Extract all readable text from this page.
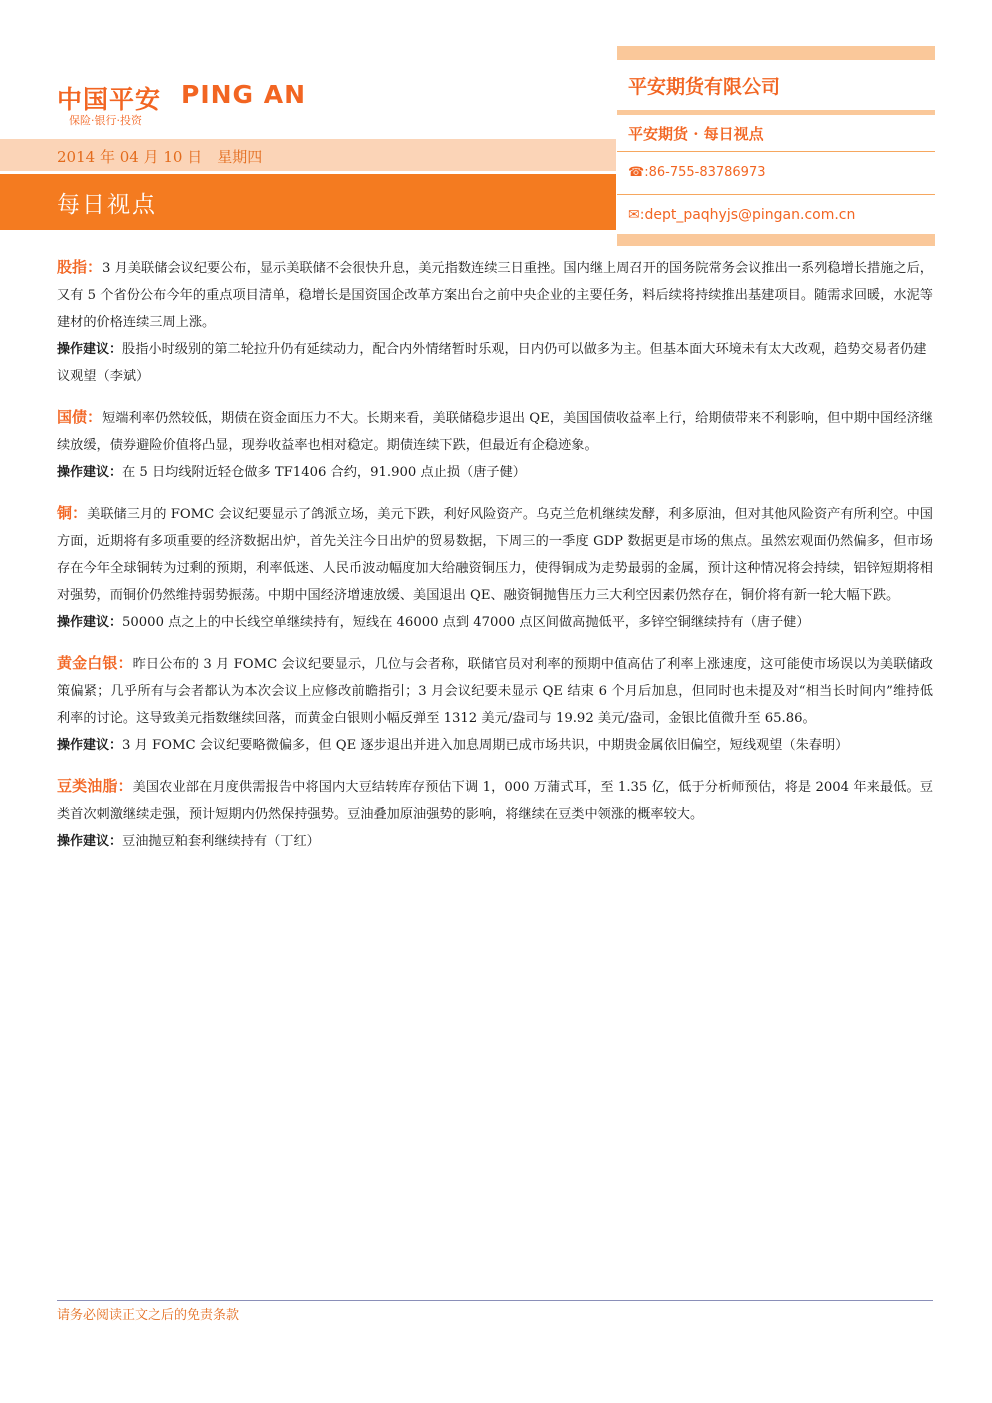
中国平安 PING AN
保险·银行·投资
2014 年 04 月 10 日　星期四
每日视点
平安期货有限公司
平安期货 · 每日视点
☎:86-755-83786973
✉:dept_paqhyjs@pingan.com.cn

股指：3 月美联储会议纪要公布，显示美联储不会很快升息，美元指数连续三日重挫。国内继上周召开的国务院常务会议推出一系列稳增长措施之后，又有 5 个省份公布今年的重点项目清单，稳增长是国资国企改革方案出台之前中央企业的主要任务，料后续将持续推出基建项目。随需求回暖，水泥等建材的价格连续三周上涨。

操作建议：股指小时级别的第二轮拉升仍有延续动力，配合内外情绪暂时乐观，日内仍可以做多为主。但基本面大环境未有太大改观，趋势交易者仍建议观望（李斌）

国债：短端利率仍然较低，期债在资金面压力不大。长期来看，美联储稳步退出 QE，美国国债收益率上行，给期债带来不利影响，但中期中国经济继续放缓，债券避险价值将凸显，现券收益率也相对稳定。期债连续下跌，但最近有企稳迹象。

操作建议：在 5 日均线附近轻仓做多 TF1406 合约，91.900 点止损（唐子健）

铜：美联储三月的 FOMC 会议纪要显示了鸽派立场，美元下跌，利好风险资产。乌克兰危机继续发酵，利多原油，但对其他风险资产有所利空。中国方面，近期将有多项重要的经济数据出炉，首先关注今日出炉的贸易数据，下周三的一季度 GDP 数据更是市场的焦点。虽然宏观面仍然偏多，但市场存在今年全球铜转为过剩的预期，利率低迷、人民币波动幅度加大给融资铜压力，使得铜成为走势最弱的金属，预计这种情况将会持续，铝锌短期将相对强势，而铜价仍然维持弱势振荡。中期中国经济增速放缓、美国退出 QE、融资铜抛售压力三大利空因素仍然存在，铜价将有新一轮大幅下跌。

操作建议：50000 点之上的中长线空单继续持有，短线在 46000 点到 47000 点区间做高抛低平，多锌空铜继续持有（唐子健）

黄金白银：昨日公布的 3 月 FOMC 会议纪要显示，几位与会者称，联储官员对利率的预期中值高估了利率上涨速度，这可能使市场误以为美联储政策偏紧；几乎所有与会者都认为本次会议上应修改前瞻指引；3 月会议纪要未显示 QE 结束 6 个月后加息，但同时也未提及对“相当长时间内”维持低利率的讨论。这导致美元指数继续回落，而黄金白银则小幅反弹至 1312 美元/盎司与 19.92 美元/盎司，金银比值微升至 65.86。

操作建议：3 月 FOMC 会议纪要略微偏多，但 QE 逐步退出并进入加息周期已成市场共识，中期贵金属依旧偏空，短线观望（朱春明）

豆类油脂：美国农业部在月度供需报告中将国内大豆结转库存预估下调 1，000 万蒲式耳，至 1.35 亿，低于分析师预估，将是 2004 年来最低。豆类首次刺激继续走强，预计短期内仍然保持强势。豆油叠加原油强势的影响，将继续在豆类中领涨的概率较大。

操作建议：豆油抛豆粕套利继续持有（丁红）

请务必阅读正文之后的免责条款
